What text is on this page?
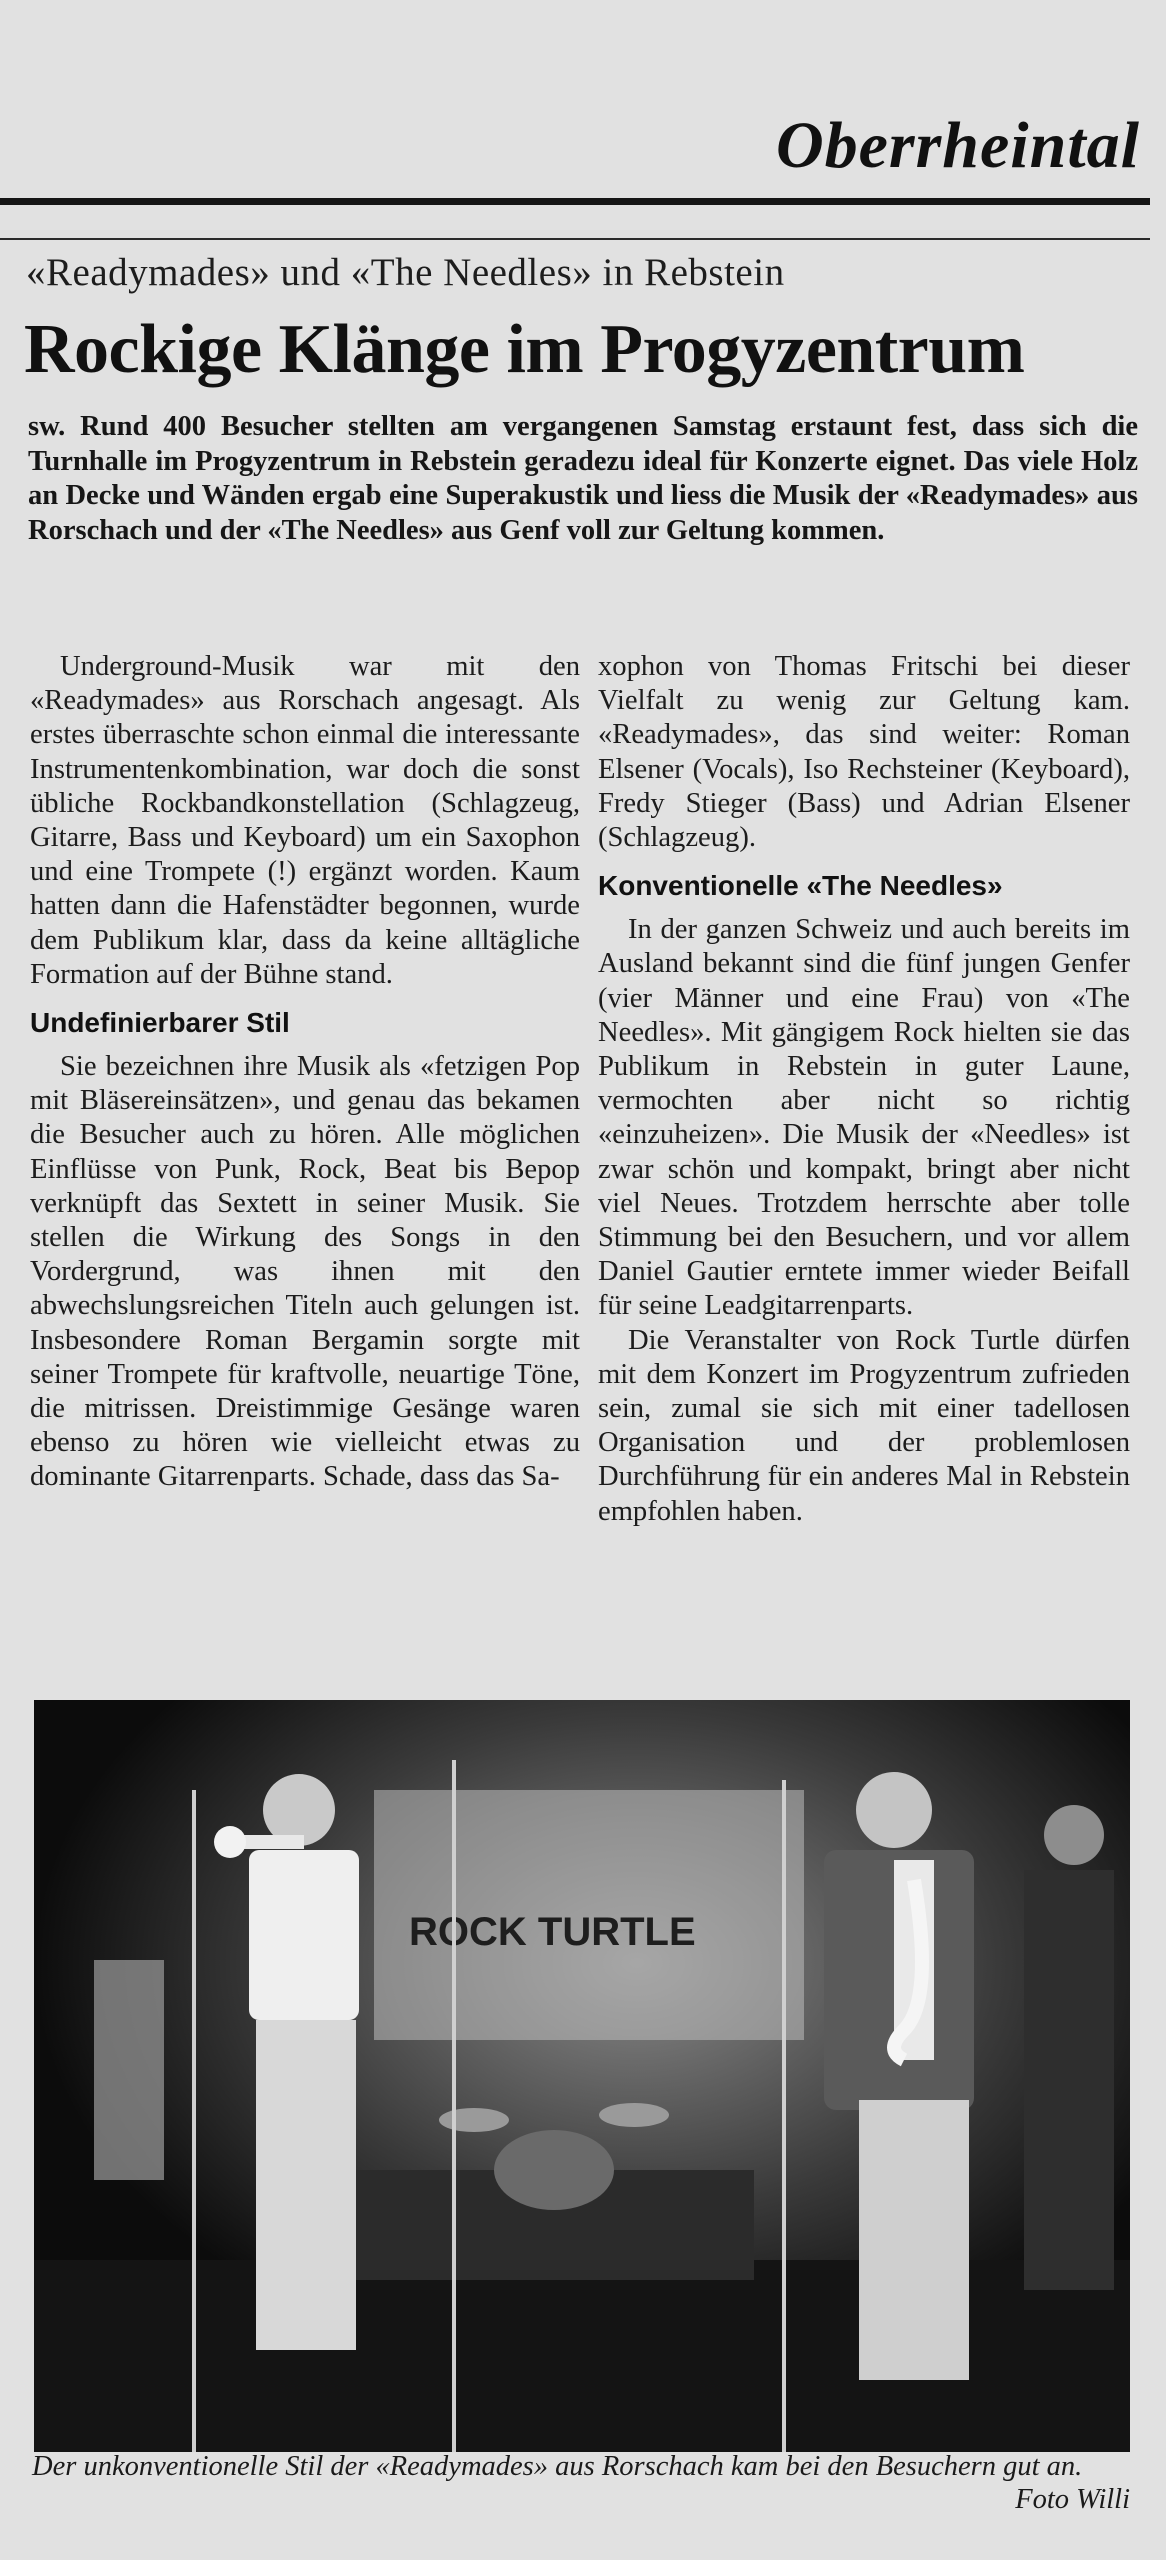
Oberrheintal
«Readymades» und «The Needles» in Rebstein
Rockige Klänge im Progyzentrum
sw. Rund 400 Besucher stellten am vergangenen Samstag erstaunt fest, dass sich die Turnhalle im Progyzentrum in Rebstein geradezu ideal für Konzerte eignet. Das viele Holz an Decke und Wänden ergab eine Superakustik und liess die Musik der «Readymades» aus Rorschach und der «The Needles» aus Genf voll zur Geltung kommen.

Underground-Musik war mit den «Readymades» aus Rorschach angesagt. Als erstes überraschte schon einmal die interessante Instrumentenkombination, war doch die sonst übliche Rockbandkonstellation (Schlagzeug, Gitarre, Bass und Keyboard) um ein Saxophon und eine Trompete (!) ergänzt worden. Kaum hatten dann die Hafenstädter begonnen, wurde dem Publikum klar, dass da keine alltägliche Formation auf der Bühne stand.

Undefinierbarer Stil

Sie bezeichnen ihre Musik als «fetzigen Pop mit Bläsereinsätzen», und genau das bekamen die Besucher auch zu hören. Alle möglichen Einflüsse von Punk, Rock, Beat bis Bepop verknüpft das Sextett in seiner Musik. Sie stellen die Wirkung des Songs in den Vordergrund, was ihnen mit den abwechslungsreichen Titeln auch gelungen ist. Insbesondere Roman Bergamin sorgte mit seiner Trompete für kraftvolle, neuartige Töne, die mitrissen. Dreistimmige Gesänge waren ebenso zu hören wie vielleicht etwas zu dominante Gitarrenparts. Schade, dass das Sa-

xophon von Thomas Fritschi bei dieser Vielfalt zu wenig zur Geltung kam. «Readymades», das sind weiter: Roman Elsener (Vocals), Iso Rechsteiner (Keyboard), Fredy Stieger (Bass) und Adrian Elsener (Schlagzeug).

Konventionelle «The Needles»

In der ganzen Schweiz und auch bereits im Ausland bekannt sind die fünf jungen Genfer (vier Männer und eine Frau) von «The Needles». Mit gängigem Rock hielten sie das Publikum in Rebstein in guter Laune, vermochten aber nicht so richtig «einzuheizen». Die Musik der «Needles» ist zwar schön und kompakt, bringt aber nicht viel Neues. Trotzdem herrschte aber tolle Stimmung bei den Besuchern, und vor allem Daniel Gautier erntete immer wieder Beifall für seine Leadgitarrenparts.

Die Veranstalter von Rock Turtle dürfen mit dem Konzert im Progyzentrum zufrieden sein, zumal sie sich mit einer tadellosen Organisation und der problemlosen Durchführung für ein anderes Mal in Rebstein empfohlen haben.

ROCK TURTLE
Der unkonventionelle Stil der «Readymades» aus Rorschach kam bei den Besuchern gut an.
Foto Willi
